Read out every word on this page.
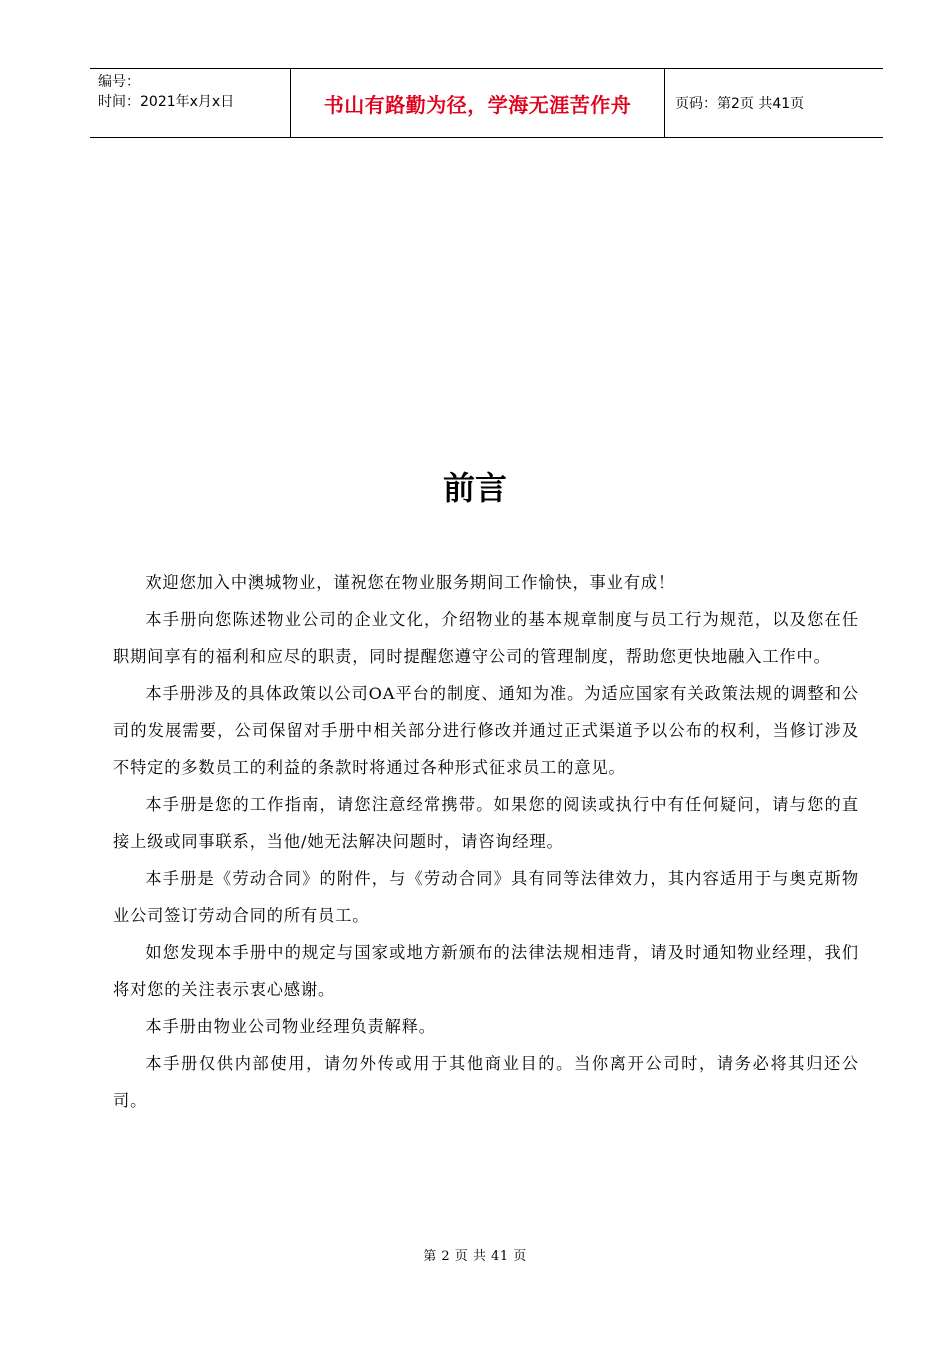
编号：
时间：2021年x月x日	书山有路勤为径，学海无涯苦作舟	页码：第2页 共41页
前言

欢迎您加入中澳城物业，谨祝您在物业服务期间工作愉快，事业有成！

本手册向您陈述物业公司的企业文化，介绍物业的基本规章制度与员工行为规范，以及您在任职期间享有的福利和应尽的职责，同时提醒您遵守公司的管理制度，帮助您更快地融入工作中。

本手册涉及的具体政策以公司OA平台的制度、通知为准。为适应国家有关政策法规的调整和公司的发展需要，公司保留对手册中相关部分进行修改并通过正式渠道予以公布的权利，当修订涉及不特定的多数员工的利益的条款时将通过各种形式征求员工的意见。

本手册是您的工作指南，请您注意经常携带。如果您的阅读或执行中有任何疑问，请与您的直接上级或同事联系，当他/她无法解决问题时，请咨询经理。

本手册是《劳动合同》的附件，与《劳动合同》具有同等法律效力，其内容适用于与奥克斯物业公司签订劳动合同的所有员工。

如您发现本手册中的规定与国家或地方新颁布的法律法规相违背，请及时通知物业经理，我们将对您的关注表示衷心感谢。

本手册由物业公司物业经理负责解释。

本手册仅供内部使用，请勿外传或用于其他商业目的。当你离开公司时，请务必将其归还公司。

第 2 页 共 41 页
